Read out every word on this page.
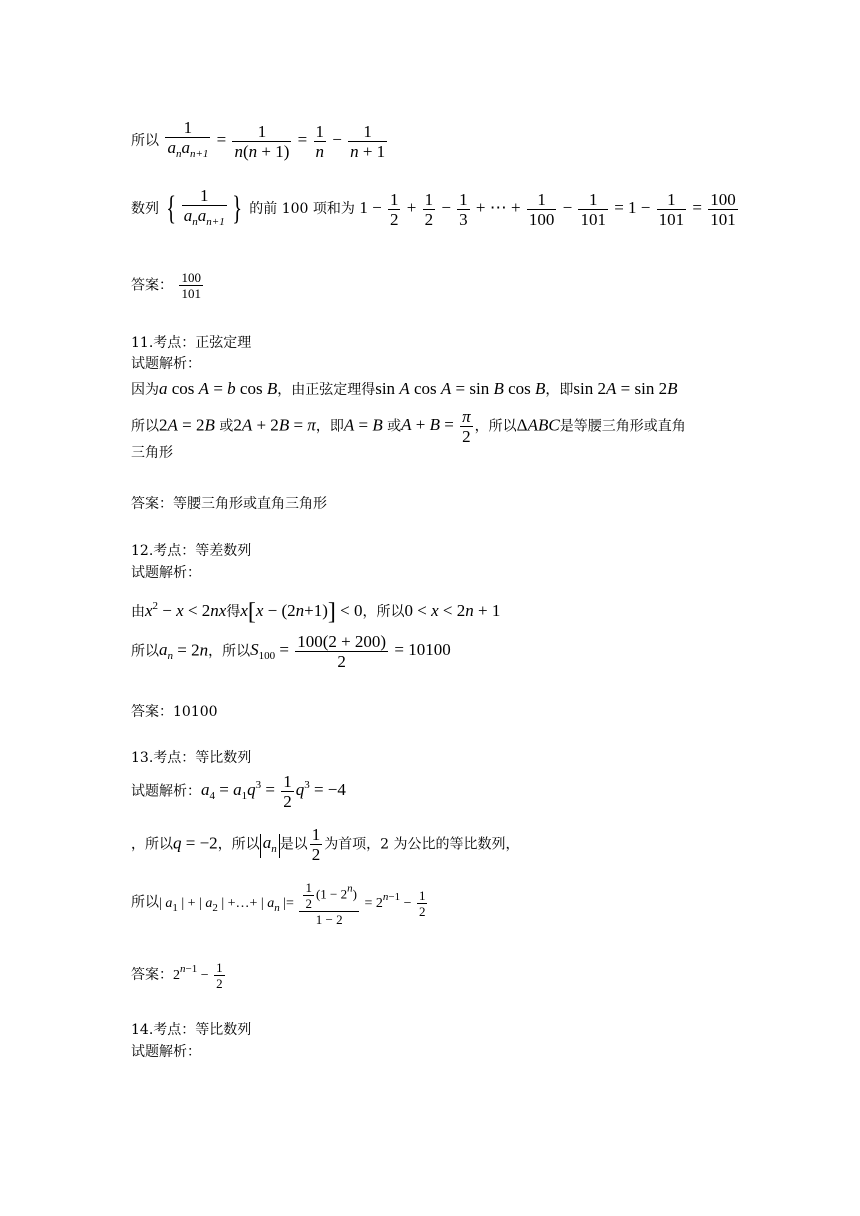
所以 $\frac{1}{a_na_{n+1}} = \frac{1}{n(n + 1)} = \frac{1}{n} - \frac{1}{n + 1}$
数列 { $\frac{1}{a_na_{n+1}}$ } 的前 100 项和为 $1 - \frac{1}{2} + \frac{1}{2} - \frac{1}{3}$ + ⋯ + $\frac{1}{100} - \frac{1}{101} = 1 - \frac{1}{101} = \frac{100}{101}$
答案： $\frac{100}{101}$
11.考点：正弦定理
试题解析：
因为a cos A = b cos B，由正弦定理得sin A cos A = sin B cos B，即sin 2A = sin 2B
所以2A = 2B 或2A + 2B = π，即A = B 或$A + B = \frac{\pi}{2}$ ，所以ΔABC是等腰三角形或直角
三角形
答案：等腰三角形或直角三角形
12.考点：等差数列
试题解析：
由$x^2 - x < 2nx$得x[x − (2n+1)] < 0，所以0 < x < 2n + 1
所以$a_n = 2n$，所以$S_{100} = \frac{100(2 + 200)}{2} = 10100$
答案：10100
13.考点：等比数列
试题解析：$a_4 = a_1q^3 = \frac{1}{2} q^3 = -4$
，所以q = −2，所以 $a_n$ 是以 $\frac{1}{2}$ 为首项，2 为公比的等比数列，
所以| $a_1$ | + | $a_2$ | +…+ | $a_n$ |= $\frac{\frac{1}{2} (1 - 2^n)}{1 - 2} = 2^{n-1} - \frac{1}{2}$
答案：$2^{n-1} - \frac{1}{2}$
14.考点：等比数列
试题解析：
